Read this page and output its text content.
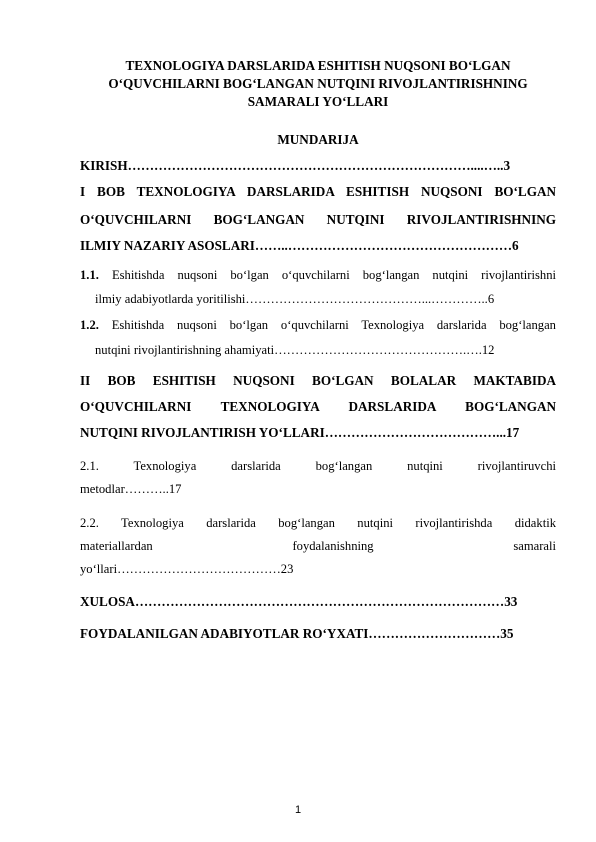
TEXNOLOGIYA DARSLARIDA ESHITISH NUQSONI BO‘LGAN
O‘QUVCHILARNI BOG‘LANGAN NUTQINI RIVOJLANTIRISHNING
SAMARALI YO‘LLARI
MUNDARIJA
KIRISH……………………………………………………………………....…..3
I BOB TEXNOLOGIYA DARSLARIDA ESHITISH NUQSONI BO‘LGAN
O‘QUVCHILARNI BOG‘LANGAN NUTQINI RIVOJLANTIRISHNING
ILMIY NAZARIY ASOSLARI……..……………………………………………6
1.1. Eshitishda nuqsoni bo‘lgan o‘quvchilarni bog‘langan nutqini rivojlantirishni
ilmiy adabiyotlarda yoritilishi……………………………………...…………..6
1.2. Eshitishda nuqsoni bo‘lgan o‘quvchilarni Texnologiya darslarida bog‘langan
nutqini rivojlantirishning ahamiyati……………………………………….….12
II BOB ESHITISH NUQSONI BO‘LGAN BOLALAR MAKTABIDA
O‘QUVCHILARNI TEXNOLOGIYA DARSLARIDA BOG‘LANGAN
NUTQINI RIVOJLANTIRISH YO‘LLARI…………………………………...17
2.1. Texnologiya darslarida bog‘langan nutqini rivojlantiruvchi
metodlar………..17
2.2. Texnologiya darslarida bog‘langan nutqini rivojlantirishda didaktik
materiallardan foydalanishning samarali
yo‘llari…………………………………23
XULOSA…………………………………………………………………………33
FOYDALANILGAN ADABIYOTLAR RO‘YXATI…………………………35
1
